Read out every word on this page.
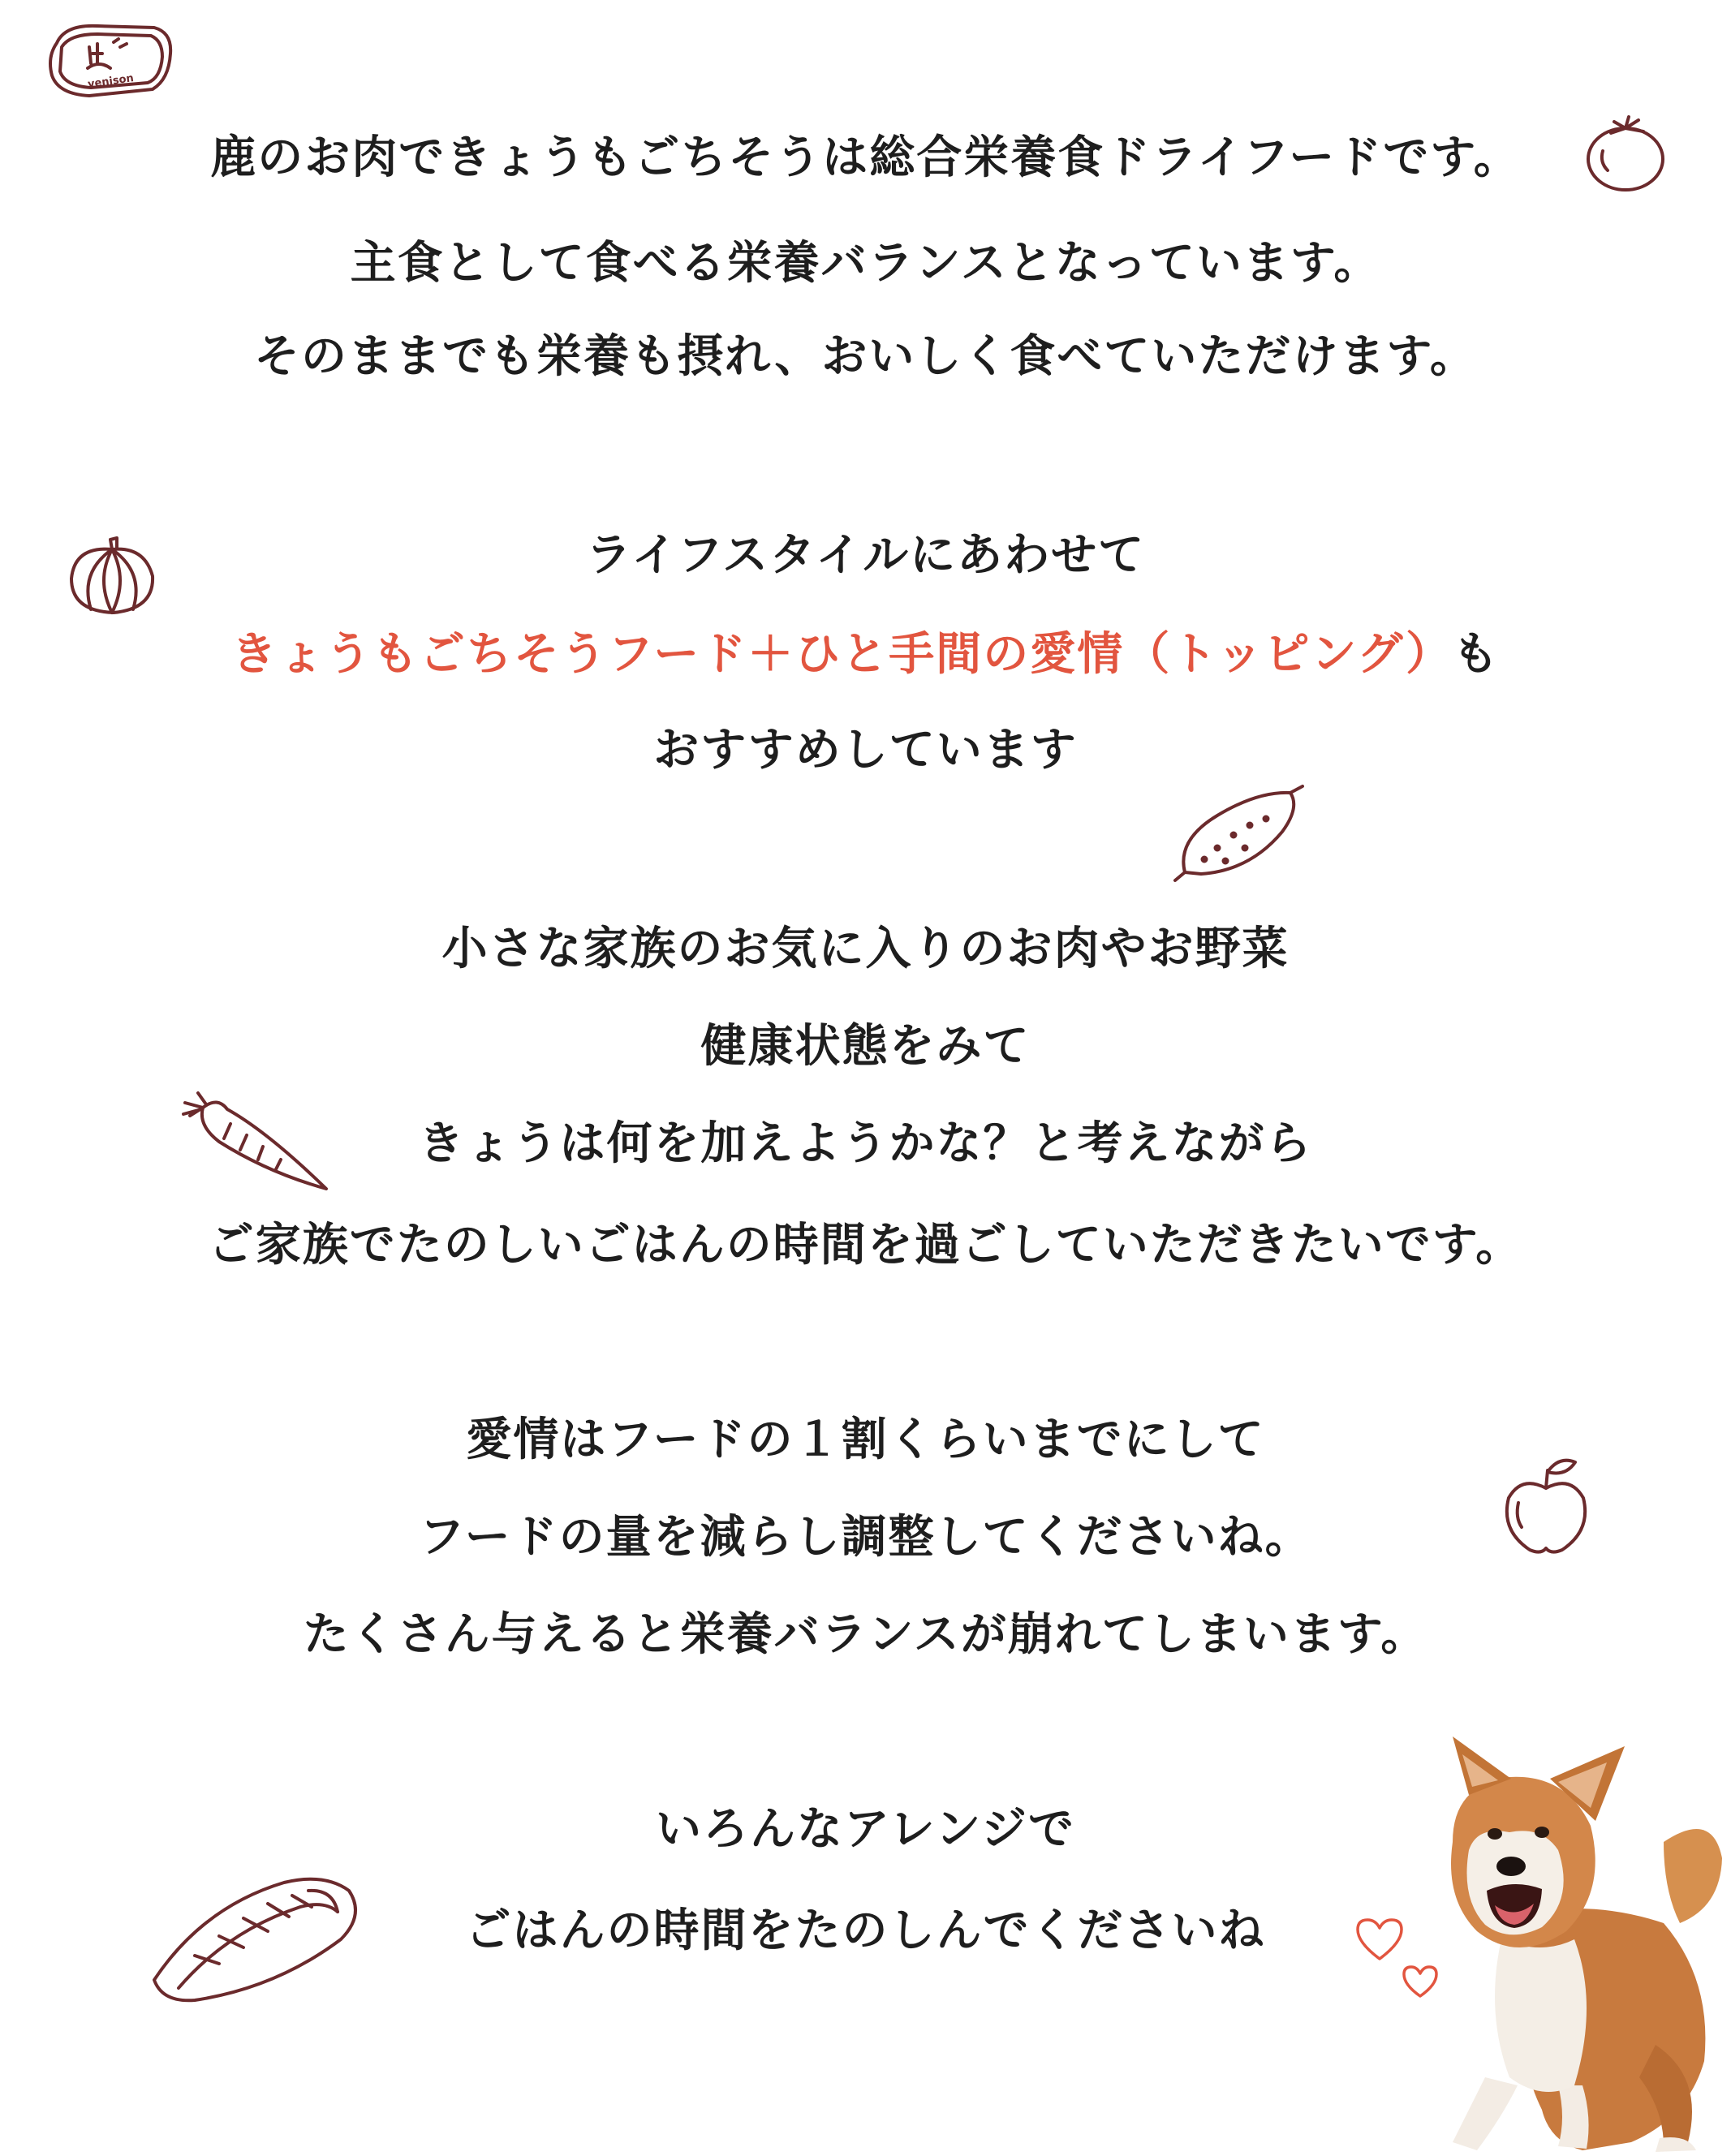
鹿のお肉できょうもごちそうは総合栄養食ドライフードです。
主食として食べる栄養バランスとなっています。
そのままでも栄養も摂れ、おいしく食べていただけます。
ライフスタイルにあわせて
きょうもごちそうフード＋ひと手間の愛情（トッピング）も
おすすめしています
小さな家族のお気に入りのお肉やお野菜
健康状態をみて
きょうは何を加えようかな？と考えながら
ご家族でたのしいごはんの時間を過ごしていただきたいです。
愛情はフードの１割くらいまでにして
フードの量を減らし調整してくださいね。
たくさん与えると栄養バランスが崩れてしまいます。
いろんなアレンジで
ごはんの時間をたのしんでくださいね
venison
